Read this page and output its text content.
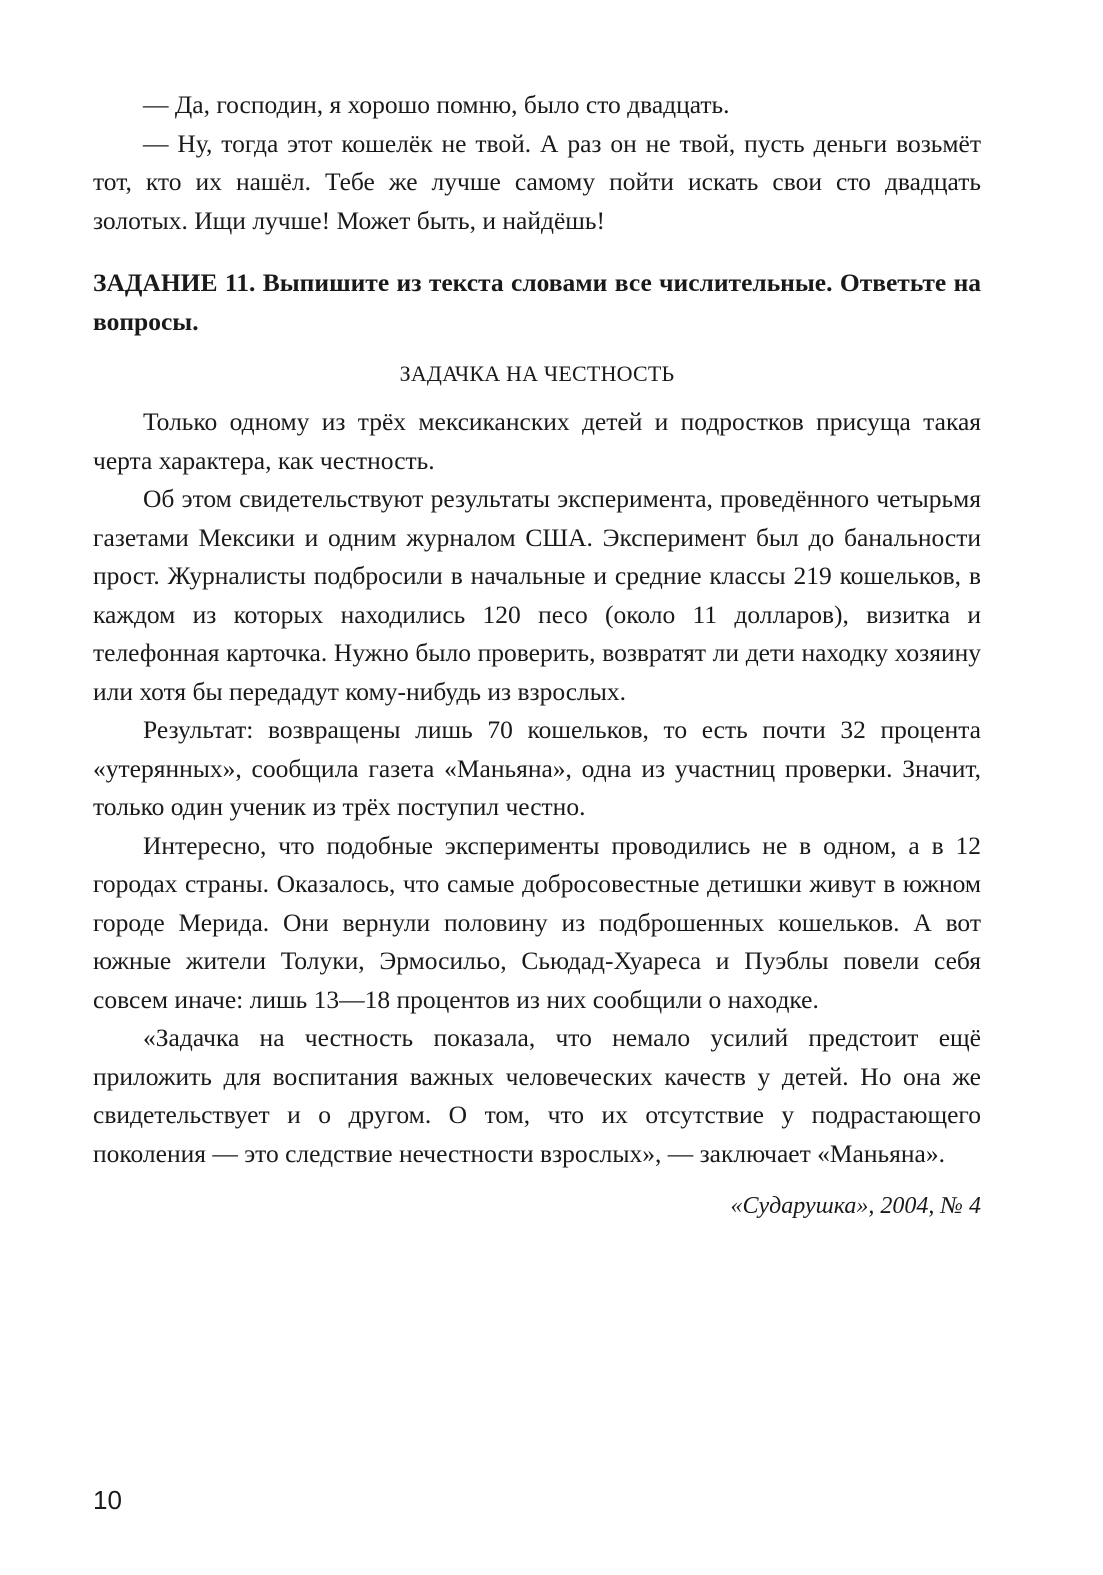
— Да, господин, я хорошо помню, было сто двадцать.

— Ну, тогда этот кошелёк не твой. А раз он не твой, пусть деньги возьмёт тот, кто их нашёл. Тебе же лучше самому пойти искать свои сто двадцать золотых. Ищи лучше! Может быть, и найдёшь!

ЗАДАНИЕ 11. Выпишите из текста словами все числительные. Ответьте на вопросы.

ЗАДАЧКА НА ЧЕСТНОСТЬ

Только одному из трёх мексиканских детей и подростков присуща такая черта характера, как честность.

Об этом свидетельствуют результаты эксперимента, проведённого четырьмя газетами Мексики и одним журналом США. Эксперимент был до банальности прост. Журналисты подбросили в начальные и средние классы 219 кошельков, в каждом из которых находились 120 песо (около 11 долларов), визитка и телефонная карточка. Нужно было проверить, возвратят ли дети находку хозяину или хотя бы передадут кому-нибудь из взрослых.

Результат: возвращены лишь 70 кошельков, то есть почти 32 процента «утерянных», сообщила газета «Маньяна», одна из участниц проверки. Значит, только один ученик из трёх поступил честно.

Интересно, что подобные эксперименты проводились не в одном, а в 12 городах страны. Оказалось, что самые добросовестные детишки живут в южном городе Мерида. Они вернули половину из подброшенных кошельков. А вот южные жители Толуки, Эрмосильо, Сьюдад-Хуареса и Пуэблы повели себя совсем иначе: лишь 13—18 процентов из них сообщили о находке.

«Задачка на честность показала, что немало усилий предстоит ещё приложить для воспитания важных человеческих качеств у детей. Но она же свидетельствует и о другом. О том, что их отсутствие у подрастающего поколения — это следствие нечестности взрослых», — заключает «Маньяна».

«Сударушка», 2004, № 4

10
